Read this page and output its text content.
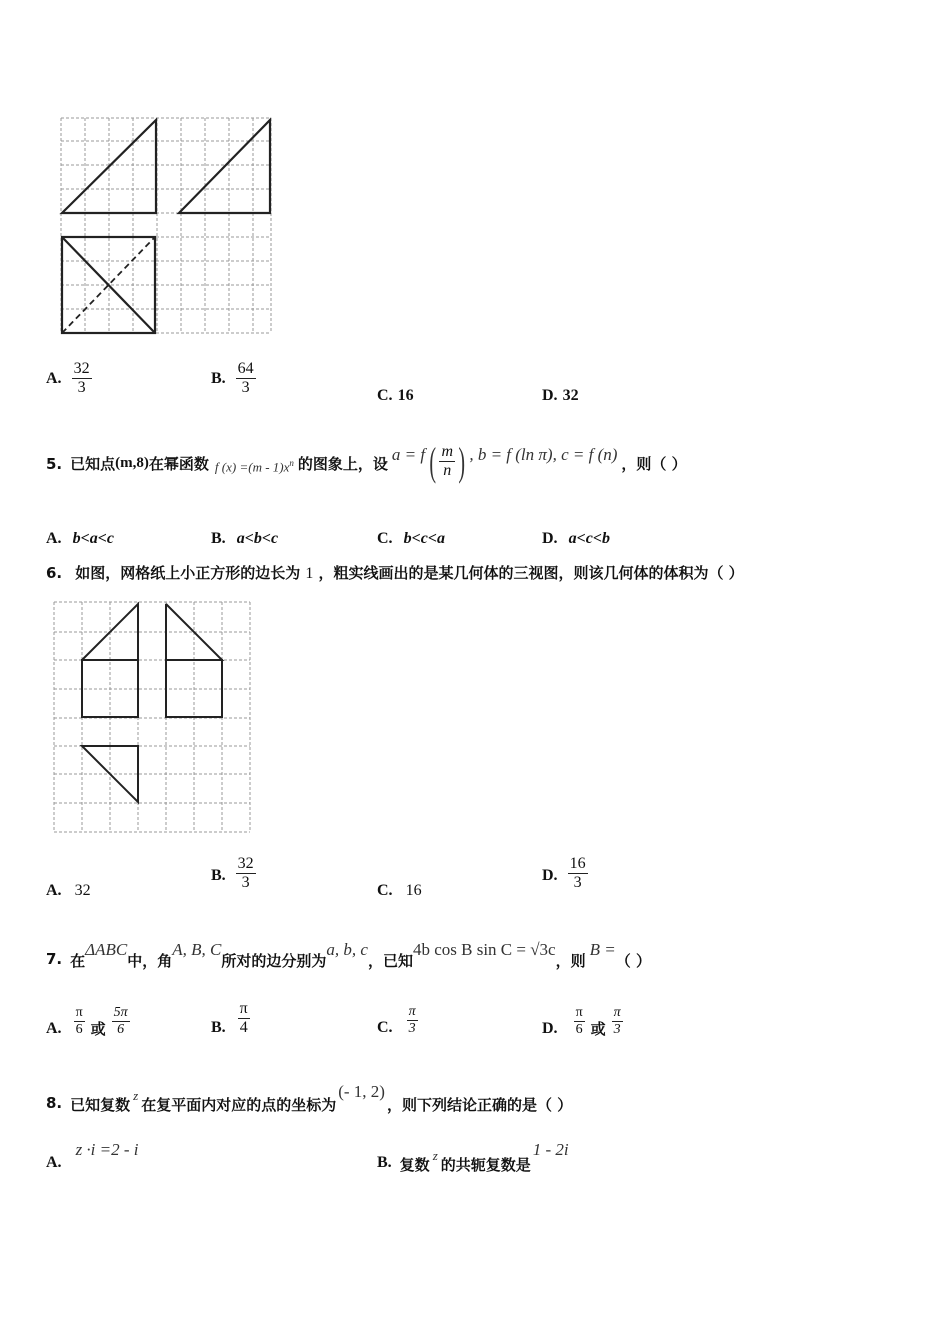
A. $\frac{32}{3}$	B. $\frac{64}{3}$	C. 16	D. 32
5. 已知点 (m,8) 在幂函数 f $(x) =(m - 1)x^n$ 的图象上，设
a = f ( $\frac{m}{n}$ ) , b = f (ln π), c = f (n)
，则（ ）
A. b<a<c	B. a<b<c	C. b<c<a	D. a<c<b
6. 如图，网格纸上小正方形的边长为 1 ，粗实线画出的是某几何体的三视图，则该几何体的体积为（ ）
A. 32
B. $\frac{32}{3}$	C. 16
D. $\frac{16}{3}$
7. 在
ΔABC
中，角
A, B, C
所对的边分别为
a, b, c
，已知
4b cos B sin C = √3c
，则
B =
（ ）
A. $\frac{\pi}{6}$ 或 $\frac{5\pi}{6}$	B. $\frac{\pi}{4}$	C. $\frac{\pi}{3}$	D. $\frac{\pi}{6}$ 或 $\frac{\pi}{3}$
8. 已知复数
z
在复平面内对应的点的坐标为
(- 1, 2)
，则下列结论正确的是（ ）
A.
z ·i =2 - i
B. 复数
z
的共轭复数是
1 - 2i
